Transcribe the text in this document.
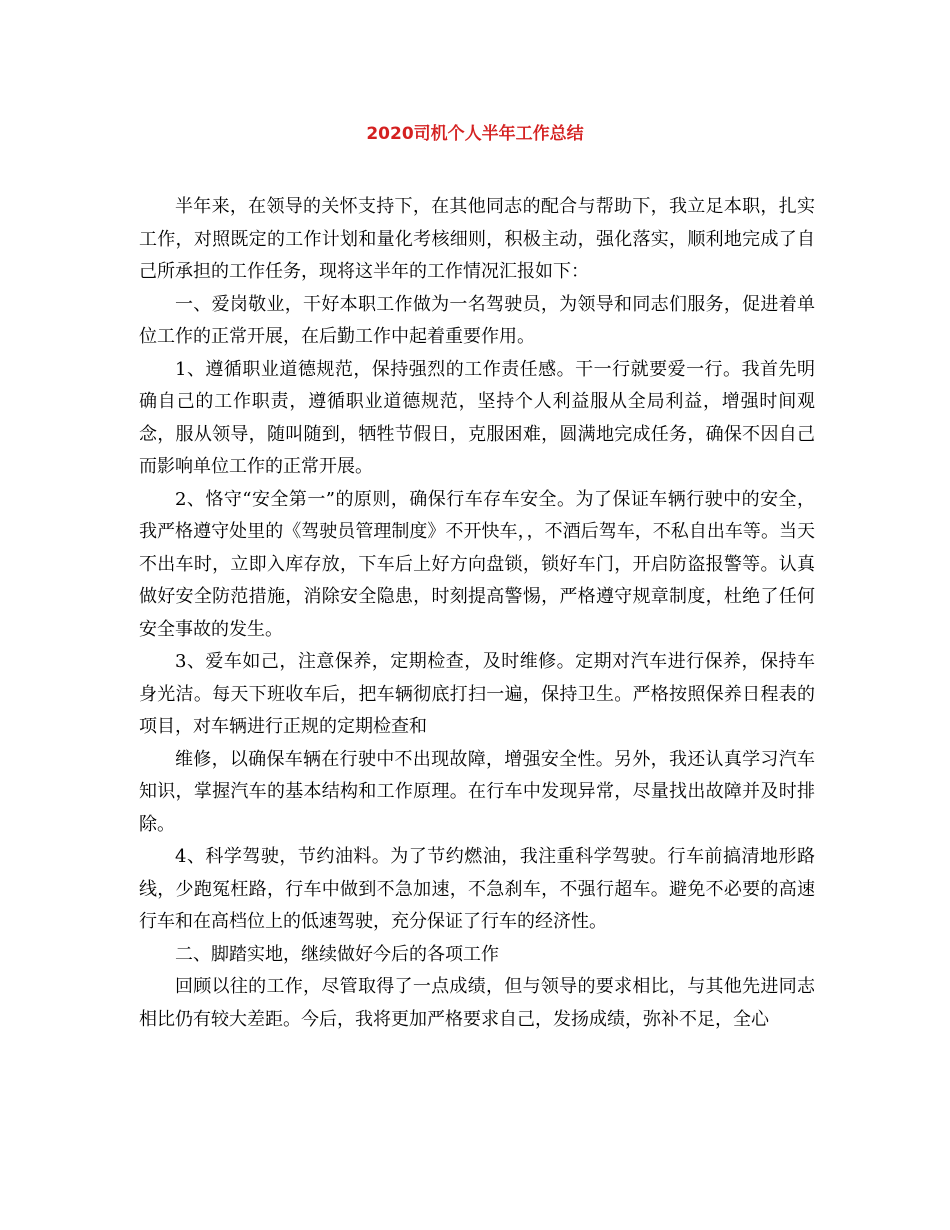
2020司机个人半年工作总结

半年来，在领导的关怀支持下，在其他同志的配合与帮助下，我立足本职，扎实工作，对照既定的工作计划和量化考核细则，积极主动，强化落实，顺利地完成了自己所承担的工作任务，现将这半年的工作情况汇报如下：

一、爱岗敬业，干好本职工作做为一名驾驶员，为领导和同志们服务，促进着单位工作的正常开展，在后勤工作中起着重要作用。

1、遵循职业道德规范，保持强烈的工作责任感。干一行就要爱一行。我首先明确自己的工作职责，遵循职业道德规范，坚持个人利益服从全局利益，增强时间观念，服从领导，随叫随到，牺牲节假日，克服困难，圆满地完成任务，确保不因自己而影响单位工作的正常开展。

2、恪守“安全第一”的原则，确保行车存车安全。为了保证车辆行驶中的安全，我严格遵守处里的《驾驶员管理制度》不开快车，，不酒后驾车，不私自出车等。当天不出车时，立即入库存放，下车后上好方向盘锁，锁好车门，开启防盗报警等。认真做好安全防范措施，消除安全隐患，时刻提高警惕，严格遵守规章制度，杜绝了任何安全事故的发生。

3、爱车如己，注意保养，定期检查，及时维修。定期对汽车进行保养，保持车身光洁。每天下班收车后，把车辆彻底打扫一遍，保持卫生。严格按照保养日程表的项目，对车辆进行正规的定期检查和

维修，以确保车辆在行驶中不出现故障，增强安全性。另外，我还认真学习汽车知识，掌握汽车的基本结构和工作原理。在行车中发现异常，尽量找出故障并及时排除。

4、科学驾驶，节约油料。为了节约燃油，我注重科学驾驶。行车前搞清地形路线，少跑冤枉路，行车中做到不急加速，不急刹车，不强行超车。避免不必要的高速行车和在高档位上的低速驾驶，充分保证了行车的经济性。

二、脚踏实地，继续做好今后的各项工作

回顾以往的工作，尽管取得了一点成绩，但与领导的要求相比，与其他先进同志相比仍有较大差距。今后，我将更加严格要求自己，发扬成绩，弥补不足，全心
